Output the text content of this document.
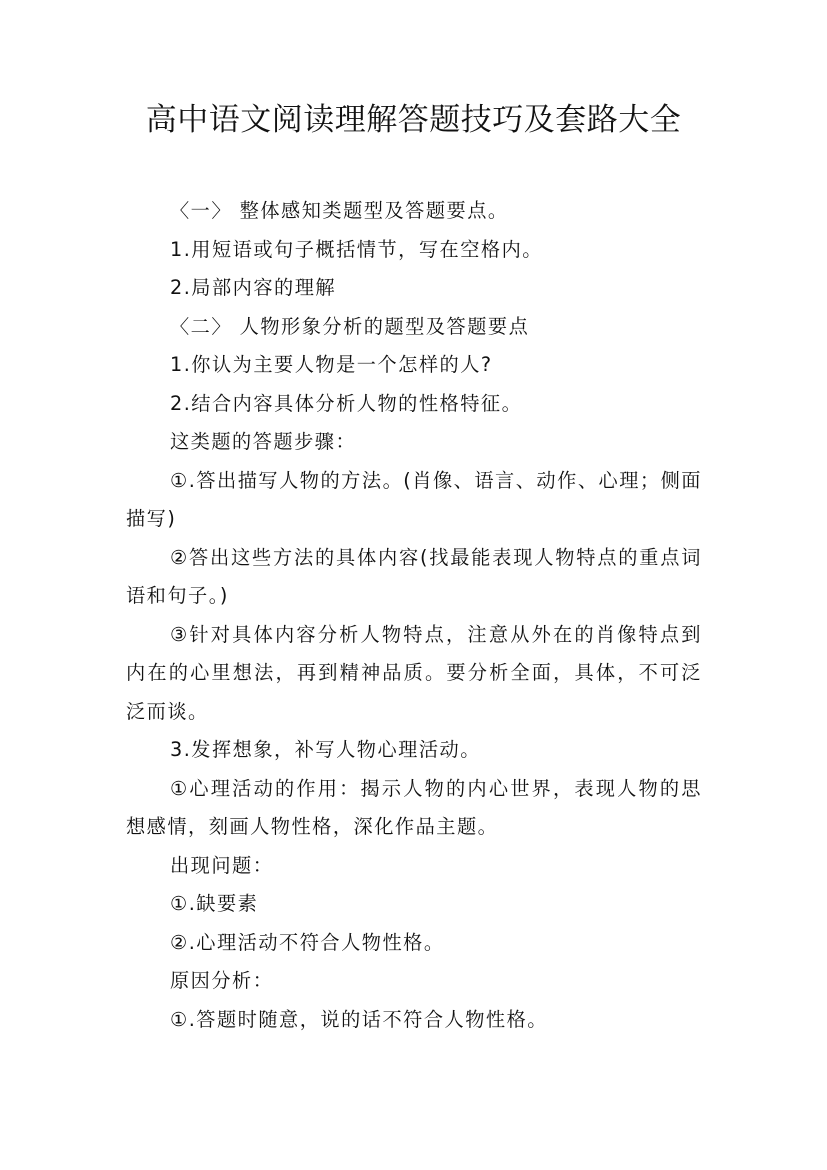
高中语文阅读理解答题技巧及套路大全

〈一〉 整体感知类题型及答题要点。

1.用短语或句子概括情节，写在空格内。

2.局部内容的理解

〈二〉 人物形象分析的题型及答题要点

1.你认为主要人物是一个怎样的人?

2.结合内容具体分析人物的性格特征。

这类题的答题步骤：

①.答出描写人物的方法。(肖像、语言、动作、心理；侧面描写)

②答出这些方法的具体内容(找最能表现人物特点的重点词语和句子。)

③针对具体内容分析人物特点，注意从外在的肖像特点到内在的心里想法，再到精神品质。要分析全面，具体，不可泛泛而谈。

3.发挥想象，补写人物心理活动。

①心理活动的作用：揭示人物的内心世界，表现人物的思想感情，刻画人物性格，深化作品主题。

出现问题：

①.缺要素

②.心理活动不符合人物性格。

原因分析：

①.答题时随意，说的话不符合人物性格。
